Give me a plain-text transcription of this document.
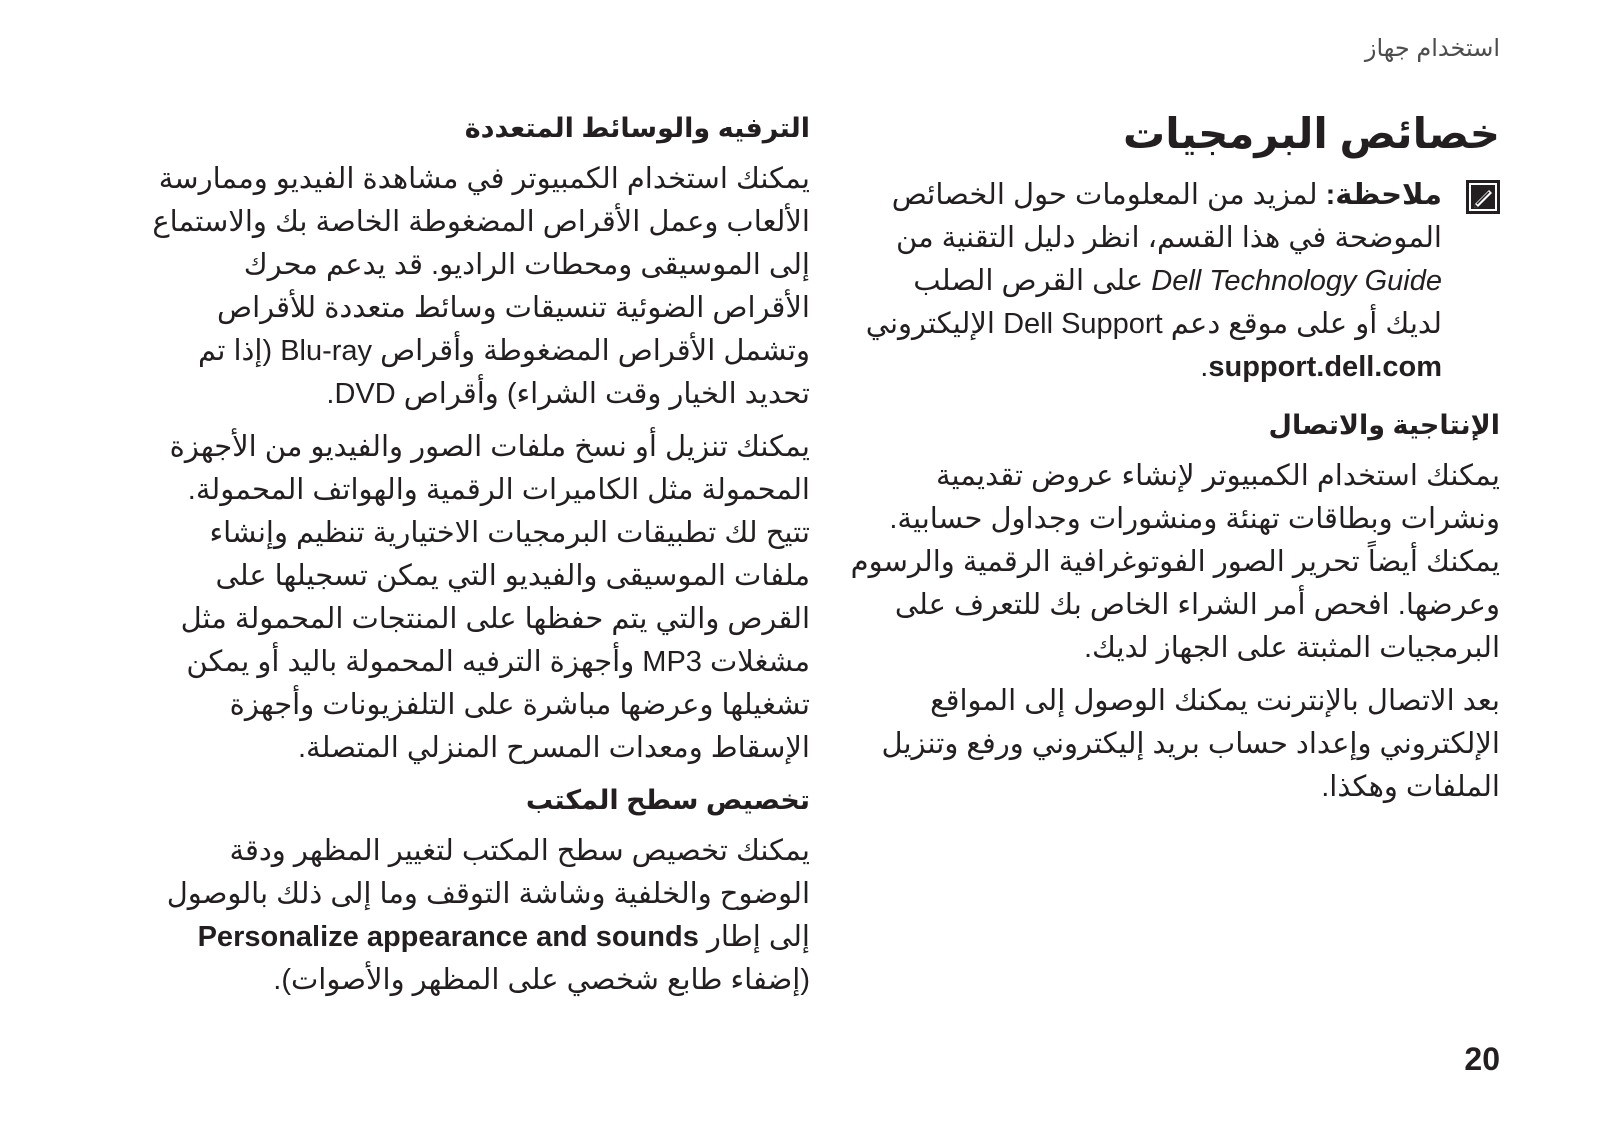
استخدام جهاز
خصائص البرمجيات
ملاحظة: لمزيد من المعلومات حول الخصائص الموضحة في هذا القسم، انظر دليل التقنية من Dell Technology Guide على القرص الصلب لديك أو على موقع دعم Dell Support الإليكتروني support.dell.com.
الإنتاجية والاتصال

يمكنك استخدام الكمبيوتر لإنشاء عروض تقديمية ونشرات وبطاقات تهنئة ومنشورات وجداول حسابية. يمكنك أيضاً تحرير الصور الفوتوغرافية الرقمية والرسوم وعرضها. افحص أمر الشراء الخاص بك للتعرف على البرمجيات المثبتة على الجهاز لديك.

بعد الاتصال بالإنترنت يمكنك الوصول إلى المواقع الإلكتروني وإعداد حساب بريد إليكتروني ورفع وتنزيل الملفات وهكذا.

الترفيه والوسائط المتعددة

يمكنك استخدام الكمبيوتر في مشاهدة الفيديو وممارسة الألعاب وعمل الأقراص المضغوطة الخاصة بك والاستماع إلى الموسيقى ومحطات الراديو. قد يدعم محرك الأقراص الضوئية تنسيقات وسائط متعددة للأقراص وتشمل الأقراص المضغوطة وأقراص Blu-ray (إذا تم تحديد الخيار وقت الشراء) وأقراص DVD.

يمكنك تنزيل أو نسخ ملفات الصور والفيديو من الأجهزة المحمولة مثل الكاميرات الرقمية والهواتف المحمولة. تتيح لك تطبيقات البرمجيات الاختيارية تنظيم وإنشاء ملفات الموسيقى والفيديو التي يمكن تسجيلها على القرص والتي يتم حفظها على المنتجات المحمولة مثل مشغلات MP3 وأجهزة الترفيه المحمولة باليد أو يمكن تشغيلها وعرضها مباشرة على التلفزيونات وأجهزة الإسقاط ومعدات المسرح المنزلي المتصلة.

تخصيص سطح المكتب

يمكنك تخصيص سطح المكتب لتغيير المظهر ودقة الوضوح والخلفية وشاشة التوقف وما إلى ذلك بالوصول إلى إطار Personalize appearance and sounds (إضفاء طابع شخصي على المظهر والأصوات).

20
